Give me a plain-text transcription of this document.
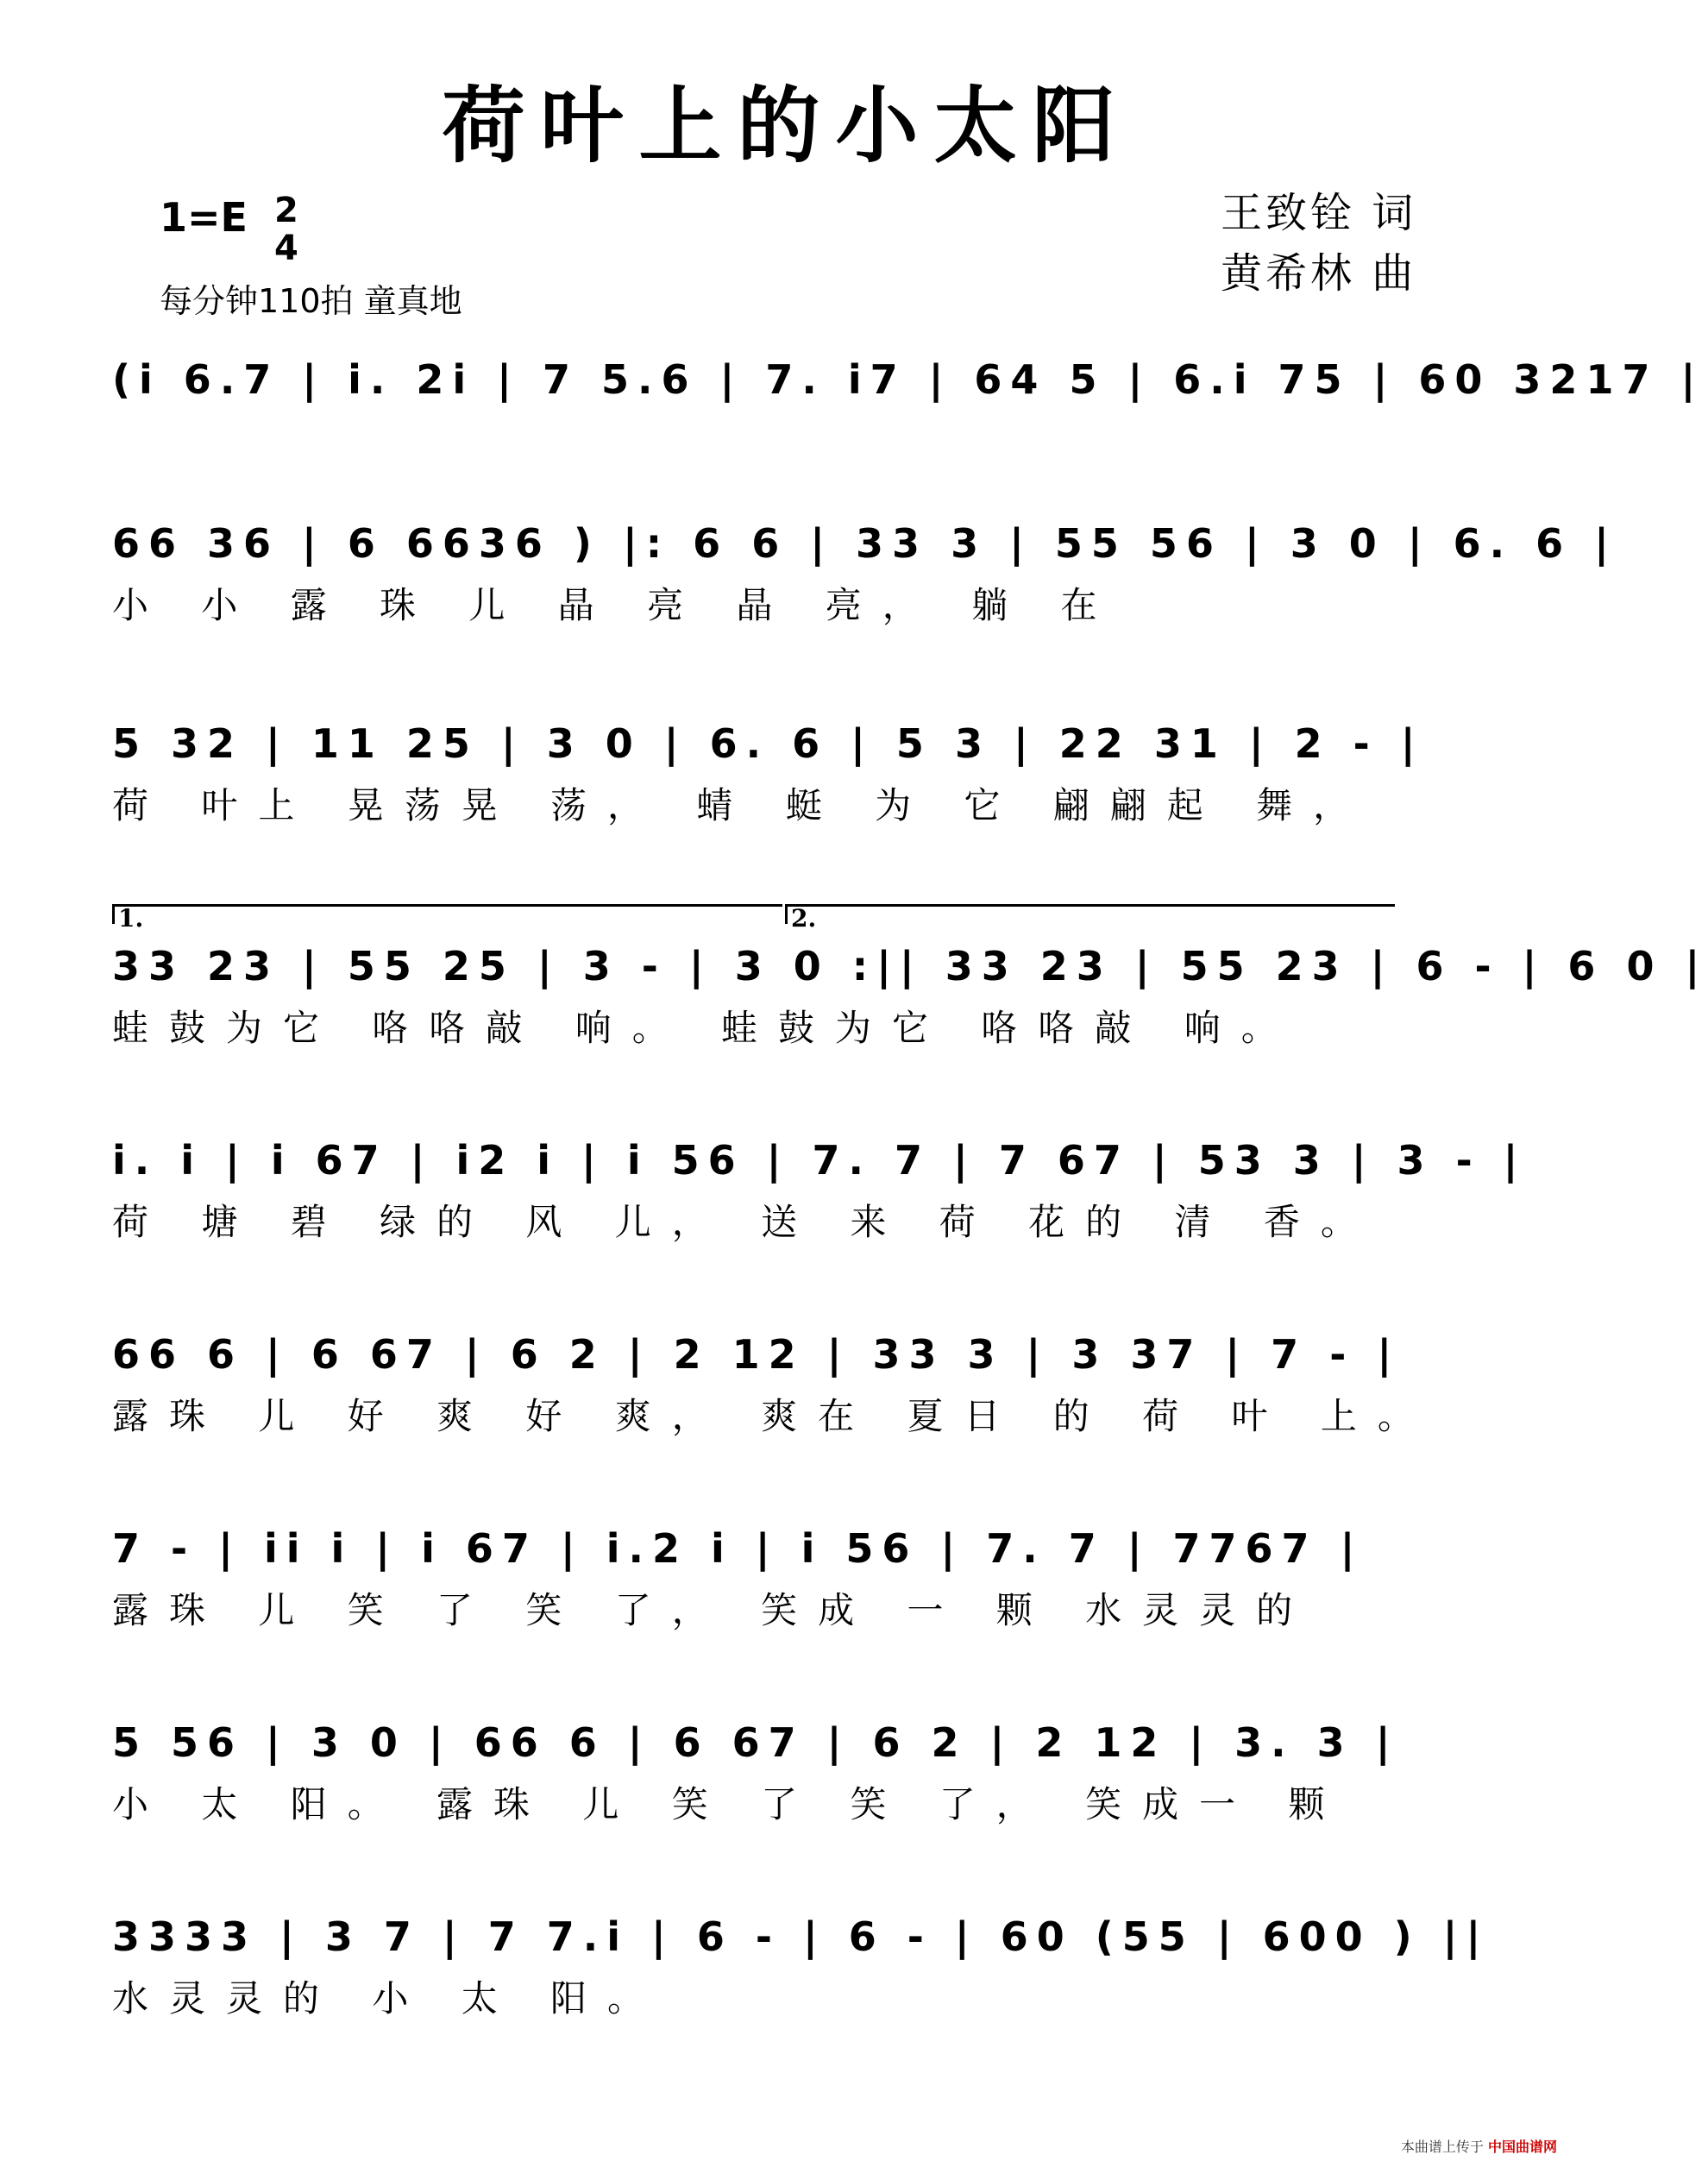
荷叶上的小太阳
1=E 2
4
每分钟110拍 童真地
王致铨 词
黄希林 曲
(i 6.7 | i. 2i | 7 5.6 | 7. i7 | 64 5 | 6.i 75 | 60 3217 |
66 36 | 6 6636 ) |: 6 6 | 33 3 | 55 56 | 3 0 | 6. 6 |
小 小 露 珠 儿 晶 亮 晶 亮， 躺 在
5 32 | 11 25 | 3 0 | 6. 6 | 5 3 | 22 31 | 2 - |
荷 叶上 晃荡晃 荡， 蜻 蜓 为 它 翩翩起 舞，
1.	2.
33 23 | 55 25 | 3 - | 3 0 :|| 33 23 | 55 23 | 6 - | 6 0 |
蛙鼓为它 咯咯敲 响。 蛙鼓为它 咯咯敲 响。
i. i | i 67 | i2 i | i 56 | 7. 7 | 7 67 | 53 3 | 3 - |
荷 塘 碧 绿的 风 儿， 送 来 荷 花的 清 香。
66 6 | 6 67 | 6 2 | 2 12 | 33 3 | 3 37 | 7 - |
露珠 儿 好 爽 好 爽， 爽在 夏日 的 荷 叶 上。
7 - | ii i | i 67 | i.2 i | i 56 | 7. 7 | 7767 |
露珠 儿 笑 了 笑 了， 笑成 一 颗 水灵灵的
5 56 | 3 0 | 66 6 | 6 67 | 6 2 | 2 12 | 3. 3 |
小 太 阳。 露珠 儿 笑 了 笑 了， 笑成一 颗
3333 | 3 7 | 7 7.i | 6 - | 6 - | 60 (55 | 600 ) ||
水灵灵的 小 太 阳。
本曲谱上传于 中国曲谱网
